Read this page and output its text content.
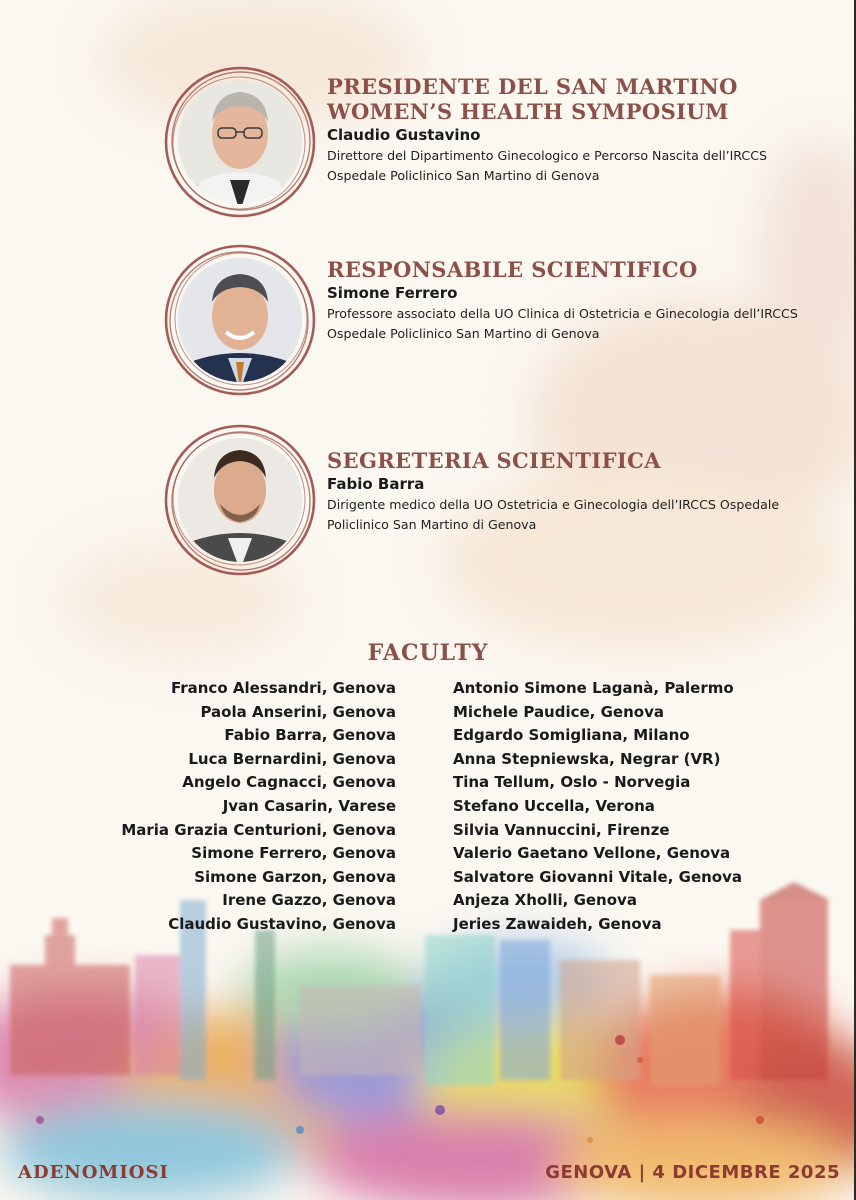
PRESIDENTE DEL SAN MARTINO WOMEN’S HEALTH SYMPOSIUM
Claudio Gustavino
Direttore del Dipartimento Ginecologico e Percorso Nascita dell’IRCCS Ospedale Policlinico San Martino di Genova
RESPONSABILE SCIENTIFICO
Simone Ferrero
Professore associato della UO Clinica di Ostetricia e Ginecologia dell’IRCCS Ospedale Policlinico San Martino di Genova
SEGRETERIA SCIENTIFICA
Fabio Barra
Dirigente medico della UO Ostetricia e Ginecologia dell’IRCCS Ospedale Policlinico San Martino di Genova
FACULTY
Franco Alessandri, Genova
Paola Anserini, Genova
Fabio Barra, Genova
Luca Bernardini, Genova
Angelo Cagnacci, Genova
Jvan Casarin, Varese
Maria Grazia Centurioni, Genova
Simone Ferrero, Genova
Simone Garzon, Genova
Irene Gazzo, Genova
Claudio Gustavino, Genova
Antonio Simone Laganà, Palermo
Michele Paudice, Genova
Edgardo Somigliana, Milano
Anna Stepniewska, Negrar (VR)
Tina Tellum, Oslo - Norvegia
Stefano Uccella, Verona
Silvia Vannuccini, Firenze
Valerio Gaetano Vellone, Genova
Salvatore Giovanni Vitale, Genova
Anjeza Xholli, Genova
Jeries Zawaideh, Genova
ADENOMIOSI	GENOVA | 4 DICEMBRE 2025
